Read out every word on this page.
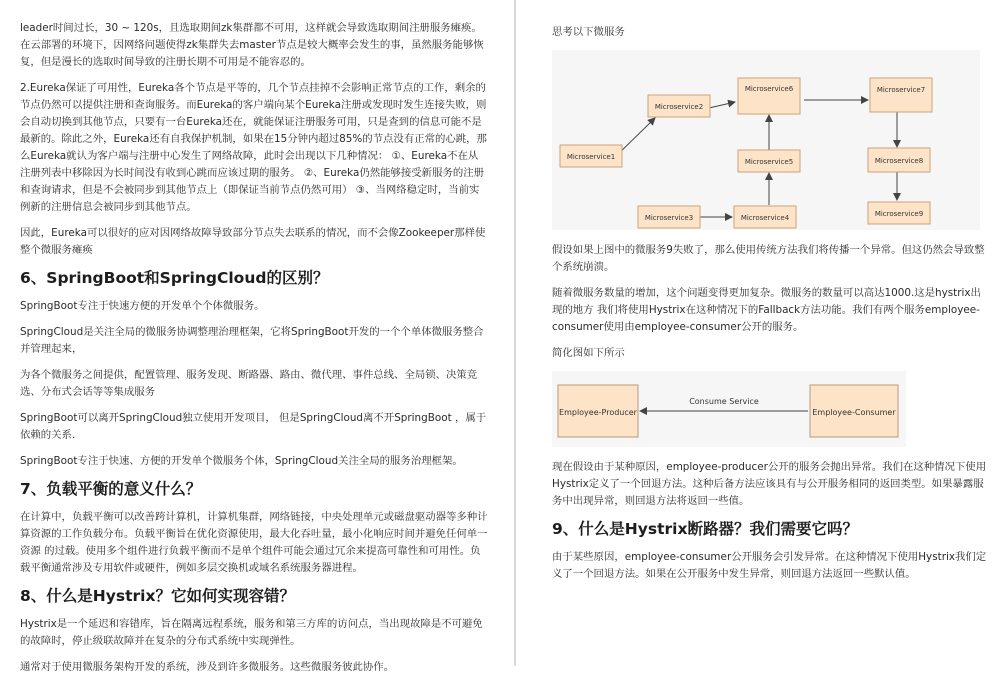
leader时间过长，30 ~ 120s，且选取期间zk集群都不可用，这样就会导致选取期间注册服务瘫痪。在云部署的环境下，因网络问题使得zk集群失去master节点是较大概率会发生的事，虽然服务能够恢复，但是漫长的选取时间导致的注册长期不可用是不能容忍的。

2.Eureka保证了可用性，Eureka各个节点是平等的，几个节点挂掉不会影响正常节点的工作，剩余的节点仍然可以提供注册和查询服务。而Eureka的客户端向某个Eureka注册或发现时发生连接失败，则会自动切换到其他节点，只要有一台Eureka还在，就能保证注册服务可用，只是查到的信息可能不是最新的。除此之外，Eureka还有自我保护机制，如果在15分钟内超过85%的节点没有正常的心跳，那么Eureka就认为客户端与注册中心发生了网络故障，此时会出现以下几种情况： ①、Eureka不在从注册列表中移除因为长时间没有收到心跳而应该过期的服务。 ②、Eureka仍然能够接受新服务的注册和查询请求，但是不会被同步到其他节点上（即保证当前节点仍然可用） ③、当网络稳定时，当前实例新的注册信息会被同步到其他节点。

因此，Eureka可以很好的应对因网络故障导致部分节点失去联系的情况，而不会像Zookeeper那样使整个微服务瘫痪

6、SpringBoot和SpringCloud的区别？

SpringBoot专注于快速方便的开发单个个体微服务。

SpringCloud是关注全局的微服务协调整理治理框架，它将SpringBoot开发的一个个单体微服务整合并管理起来，

为各个微服务之间提供，配置管理、服务发现、断路器、路由、微代理、事件总线、全局锁、决策竞选、分布式会话等等集成服务

SpringBoot可以离开SpringCloud独立使用开发项目， 但是SpringCloud离不开SpringBoot ，属于依赖的关系.

SpringBoot专注于快速、方便的开发单个微服务个体，SpringCloud关注全局的服务治理框架。

7、负载平衡的意义什么？

在计算中，负载平衡可以改善跨计算机，计算机集群，网络链接，中央处理单元或磁盘驱动器等多种计算资源的工作负载分布。负载平衡旨在优化资源使用，最大化吞吐量，最小化响应时间并避免任何单一资源 的过载。使用多个组件进行负载平衡而不是单个组件可能会通过冗余来提高可靠性和可用性。负载平衡通常涉及专用软件或硬件，例如多层交换机或域名系统服务器进程。

8、什么是Hystrix？它如何实现容错？

Hystrix是一个延迟和容错库，旨在隔离远程系统，服务和第三方库的访问点，当出现故障是不可避免的故障时，停止级联故障并在复杂的分布式系统中实现弹性。

通常对于使用微服务架构开发的系统，涉及到许多微服务。这些微服务彼此协作。

思考以下微服务

Microservice1
Microservice2
Microservice3	Microservice4
Microservice5
Microservice6	Microservice7
Microservice8
Microservice9

假设如果上图中的微服务9失败了，那么使用传统方法我们将传播一个异常。但这仍然会导致整个系统崩溃。

随着微服务数量的增加，这个问题变得更加复杂。微服务的数量可以高达1000.这是hystrix出现的地方 我们将使用Hystrix在这种情况下的Fallback方法功能。我们有两个服务employee-consumer使用由employee-consumer公开的服务。

简化图如下所示

Employee-Producer	Employee-Consumer
Consume Service

现在假设由于某种原因，employee-producer公开的服务会抛出异常。我们在这种情况下使用Hystrix定义了一个回退方法。这种后备方法应该具有与公开服务相同的返回类型。如果暴露服务中出现异常，则回退方法将返回一些值。

9、什么是Hystrix断路器？我们需要它吗？

由于某些原因，employee-consumer公开服务会引发异常。在这种情况下使用Hystrix我们定义了一个回退方法。如果在公开服务中发生异常，则回退方法返回一些默认值。
